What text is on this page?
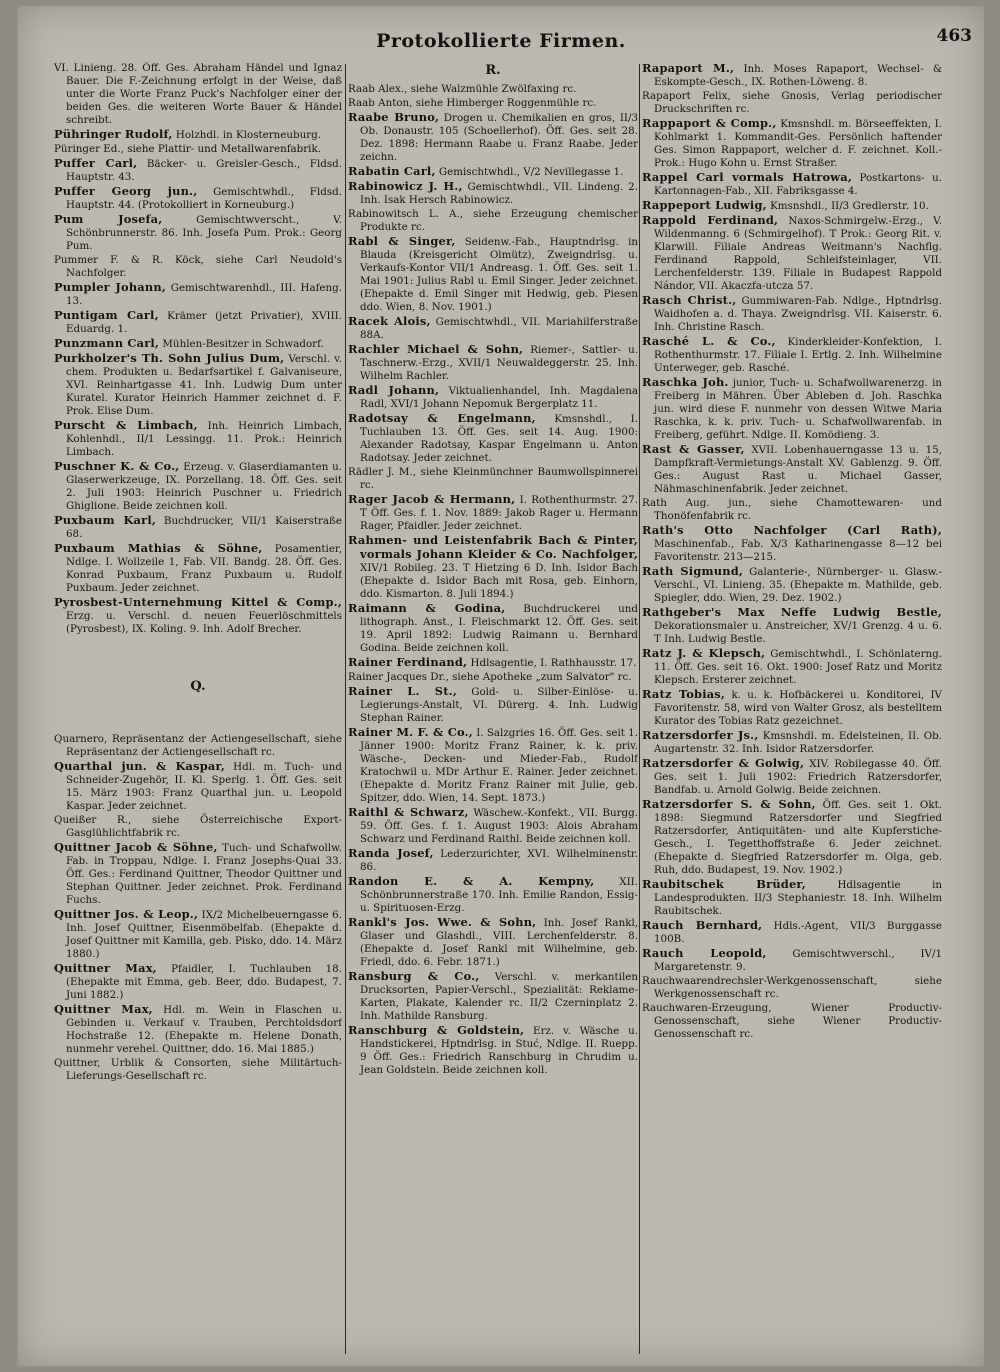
Protokollierte Firmen.	463
VI. Linieng. 28. Öff. Ges. Abraham Händel und Ignaz Bauer. Die F.-Zeichnung erfolgt in der Weise, daß unter die Worte Franz Puck's Nachfolger einer der beiden Ges. die weiteren Worte Bauer & Händel schreibt.
Pühringer Rudolf, Holzhdl. in Klosterneuburg.
Püringer Ed., siehe Plattir- und Metallwarenfabrik.
Puffer Carl, Bäcker- u. Greisler-Gesch., Fldsd. Hauptstr. 43.
Puffer Georg jun., Gemischtwhdl., Fldsd. Hauptstr. 44. (Protokolliert in Korneuburg.)
Pum Josefa,	Gemischtwverscht., V. Schönbrunnerstr. 86. Inh. Josefa Pum. Prok.: Georg Pum.
Pummer F. & R. Köck, siehe Carl Neudold's Nachfolger.
Pumpler Johann, Gemischtwarenhdl., III. Hafeng. 13.
Puntigam Carl, Krämer (jetzt Privatier), XVIII. Eduardg. 1.
Punzmann Carl, Mühlen-Besitzer in Schwadorf.
Purkholzer's Th. Sohn Julius Dum, Verschl. v. chem. Produkten u. Bedarfsartikel f. Galvaniseure, XVI. Reinhartgasse 41. Inh. Ludwig Dum unter Kuratel. Kurator Heinrich Hammer zeichnet d. F. Prok. Elise Dum.
Purscht & Limbach, Inh. Heinrich Limbach, Kohlenhdl., II/1 Lessingg. 11. Prok.: Heinrich Limbach.
Puschner K. & Co., Erzeug. v. Glaserdiamanten u. Glaserwerkzeuge, IX. Porzellang. 18. Öff. Ges. seit 2. Juli 1903: Heinrich Puschner u. Friedrich Ghiglione. Beide zeichnen koll.
Puxbaum Karl, Buchdrucker, VII/1 Kaiserstraße 68.
Puxbaum Mathias & Söhne, Posamentier, Ndlge. I. Wollzeile 1, Fab. VII. Bandg. 28. Öff. Ges. Konrad Puxbaum, Franz Puxbaum u. Rudolf Puxbaum. Jeder zeichnet.
Pyrosbest-Unternehmung Kittel & Comp., Erzg. u. Verschl. d. neuen Feuerlöschmittels (Pyrosbest), IX. Koling. 9. Inh. Adolf Brecher.
Q.
Quarnero, Repräsentanz der Actiengesellschaft, siehe Repräsentanz der Actiengesellschaft rc.
Quarthal jun. & Kaspar, Hdl. m. Tuch- und Schneider-Zugehör, II. Kl. Sperlg. 1. Öff. Ges. seit 15. März 1903: Franz Quarthal jun. u. Leopold Kaspar. Jeder zeichnet.
Queißer R., siehe Österreichische Export-Gasglühlichtfabrik rc.
Quittner Jacob & Söhne, Tuch- und Schafwollw. Fab. in Troppau, Ndlge. I. Franz Josephs-Quai 33. Öff. Ges.: Ferdinand Quittner, Theodor Quittner und Stephan Quittner. Jeder zeichnet. Prok. Ferdinand Fuchs.
Quittner Jos. & Leop., IX/2 Michelbeuerngasse 6. Inh. Josef Quittner, Eisenmöbelfab. (Ehepakte d. Josef Quittner mit Kamilla, geb. Pisko, ddo. 14. März 1880.)
Quittner Max, Pfaidler, I. Tuchlauben 18. (Ehepakte mit Emma, geb. Beer, ddo. Budapest, 7. Juni 1882.)
Quittner Max, Hdl. m. Wein in Flaschen u. Gebinden u. Verkauf v. Trauben, Perchtoldsdorf Hochstraße 12. (Ehepakte m. Helene Donath, nunmehr verehel. Quittner, ddo. 16. Mai 1885.)
Quittner, Urblik & Consorten, siehe Militärtuch-Lieferungs-Gesellschaft rc.
R.
Raab Alex., siehe Walzmühle Zwölfaxing rc.
Raab Anton, siehe Himberger Roggenmühle rc.
Raabe Bruno, Drogen u. Chemikalien en gros, II/3 Ob. Donaustr. 105 (Schoellerhof). Öff. Ges. seit 28. Dez. 1898: Hermann Raabe u. Franz Raabe. Jeder zeichn.
Rabatin Carl, Gemischtwhdl., V/2 Nevillegasse 1.
Rabinowicz J. H., Gemischtwhdl., VII. Lindeng. 2. Inh. Isak Hersch Rabinowicz.
Rabinowitsch L. A., siehe Erzeugung chemischer Produkte rc.
Rabl & Singer, Seidenw.-Fab., Hauptndrlsg. in Blauda (Kreisgericht Olmütz), Zweigndrlsg. u. Verkaufs-Kontor VII/1 Andreasg. 1. Öff. Ges. seit 1. Mai 1901: Julius Rabl u. Emil Singer. Jeder zeichnet. (Ehepakte d. Emil Singer mit Hedwig, geb. Piesen ddo. Wien, 8. Nov. 1901.)
Racek Alois, Gemischtwhdl., VII. Mariahilferstraße 88A.
Rachler Michael & Sohn, Riemer-, Sattler- u. Taschnerw.-Erzg., XVII/1 Neuwaldeggerstr. 25. Inh. Wilhelm Rachler.
Radl Johann, Viktualienhandel, Inh. Magdalena Radl, XVI/1 Johann Nepomuk Bergerplatz 11.
Radotsay & Engelmann, Kmsnshdl., I. Tuchlauben 13. Öff. Ges. seit 14. Aug. 1900: Alexander Radotsay, Kaspar Engelmann u. Anton Radotsay. Jeder zeichnet.
Rädler J. M., siehe Kleinmünchner Baumwollspinnerei rc.
Rager Jacob & Hermann, I. Rothenthurmstr. 27. T Öff. Ges. f. 1. Nov. 1889: Jakob Rager u. Hermann Rager, Pfaidler. Jeder zeichnet.
Rahmen- und Leistenfabrik Bach & Pinter, vormals Johann Kleider & Co. Nachfolger, XIV/1 Robileg. 23. T Hietzing 6 D. Inh. Isidor Bach (Ehepakte d. Isidor Bach mit Rosa, geb. Einhorn, ddo. Kismarton. 8. Juli 1894.)
Raimann & Godina, Buchdruckerei und lithograph. Anst., I. Fleischmarkt 12. Öff. Ges. seit 19. April 1892: Ludwig Raimann u. Bernhard Godina. Beide zeichnen koll.
Rainer Ferdinand, Hdlsagentie, I. Rathhausstr. 17.
Rainer Jacques Dr., siehe Apotheke „zum Salvator" rc.
Rainer L. St., Gold- u. Silber-Einlöse- u. Legierungs-Anstalt, VI. Dürerg. 4. Inh. Ludwig Stephan Rainer.
Rainer M. F. & Co., I. Salzgries 16. Öff. Ges. seit 1. Jänner 1900: Moritz Franz Rainer, k. k. priv. Wäsche-, Decken- und Mieder-Fab., Rudolf Kratochwil u. MDr Arthur E. Rainer. Jeder zeichnet. (Ehepakte d. Moritz Franz Rainer mit Julie, geb. Spitzer, ddo. Wien, 14. Sept. 1873.)
Raithl & Schwarz, Wäschew.-Konfekt., VII. Burgg. 59. Öff. Ges. f. 1. August 1903: Alois Abraham Schwarz und Ferdinand Raithl. Beide zeichnen koll.
Randa Josef, Lederzurichter, XVI. Wilhelminenstr. 86.
Randon E. & A. Kempny, XII. Schönbrunnerstraße 170. Inh. Emilie Randon, Essig- u. Spirituosen-Erzg.
Rankl's Jos. Wwe. & Sohn, Inh. Josef Rankl, Glaser und Glashdl., VIII. Lerchenfelderstr. 8. (Ehepakte d. Josef Rankl mit Wilhelmine, geb. Friedl, ddo. 6. Febr. 1871.)
Ransburg & Co., Verschl. v. merkantilen Drucksorten, Papier-Verschl., Spezialität: Reklame-Karten, Plakate, Kalender rc. II/2 Czerninplatz 2. Inh. Mathilde Ransburg.
Ranschburg & Goldstein, Erz. v. Wäsche u. Handstickerei, Hptndrlsg. in Stuć, Ndlge. II. Ruepp. 9 Öff. Ges.: Friedrich Ranschburg in Chrudim u. Jean Goldstein. Beide zeichnen koll.
Rapaport M., Inh. Moses Rapaport, Wechsel- & Eskompte-Gesch., IX. Rothen-Löweng. 8.
Rapaport Felix, siehe Gnosis, Verlag periodischer Druckschriften rc.
Rappaport & Comp., Kmsnshdl. m. Börseeffekten, I. Kohlmarkt 1. Kommandit-Ges. Persönlich haftender Ges. Simon Rappaport, welcher d. F. zeichnet. Koll.-Prok.: Hugo Kohn u. Ernst Straßer.
Rappel Carl vormals Hatrowa, Postkartons- u. Kartonnagen-Fab., XII. Fabriksgasse 4.
Rappeport Ludwig, Kmsnshdl., II/3 Gredlerstr. 10.
Rappold Ferdinand, Naxos-Schmirgelw.-Erzg., V. Wildenmanng. 6 (Schmirgelhof). T Prok.: Georg Rit. v. Klarwill. Filiale Andreas Weitmann's Nachflg. Ferdinand Rappold, Schleifsteinlager, VII. Lerchenfelderstr. 139. Filiale in Budapest Rappold Nándor, VII. Akaczfa-utcza 57.
Rasch Christ., Gummiwaren-Fab. Ndlge., Hptndrlsg. Waidhofen a. d. Thaya. Zweigndrlsg. VII. Kaiserstr. 6. Inh. Christine Rasch.
Rasché L. & Co., Kinderkleider-Konfektion, I. Rothenthurmstr. 17. Filiale I. Ertlg. 2. Inh. Wilhelmine Unterweger, geb. Rasché.
Raschka Joh. junior, Tuch- u. Schafwollwarenerzg. in Freiberg in Mähren. Über Ableben d. Joh. Raschka jun. wird diese F. nunmehr von dessen Witwe Maria Raschka, k. k. priv. Tuch- u. Schafwollwarenfab. in Freiberg, geführt. Ndlge. II. Komödieng. 3.
Rast & Gasser, XVII. Lobenhauerngasse 13 u. 15, Dampfkraft-Vermietungs-Anstalt XV. Gablenzg. 9. Öff. Ges.: August Rast u. Michael Gasser, Nähmaschinenfabrik. Jeder zeichnet.
Rath Aug. jun., siehe Chamottewaren- und Thonöfenfabrik rc.
Rath's Otto Nachfolger (Carl Rath), Maschinenfab., Fab. X/3 Katharinengasse 8—12 bei Favoritenstr. 213—215.
Rath Sigmund, Galanterie-, Nürnberger- u. Glasw.-Verschl., VI. Linieng. 35. (Ehepakte m. Mathilde, geb. Spiegler, ddo. Wien, 29. Dez. 1902.)
Rathgeber's Max Neffe Ludwig Bestle, Dekorationsmaler u. Anstreicher, XV/1 Grenzg. 4 u. 6. T Inh. Ludwig Bestle.
Ratz J. & Klepsch, Gemischtwhdl., I. Schönlaterng. 11. Öff. Ges. seit 16. Okt. 1900: Josef Ratz und Moritz Klepsch. Ersterer zeichnet.
Ratz Tobias, k. u. k. Hofbäckerei u. Konditorei, IV Favoritenstr. 58, wird von Walter Grosz, als bestelltem Kurator des Tobias Ratz gezeichnet.
Ratzersdorfer Js., Kmsnshdl. m. Edelsteinen, II. Ob. Augartenstr. 32. Inh. Isidor Ratzersdorfer.
Ratzersdorfer & Golwig, XIV. Robilegasse 40. Öff. Ges. seit 1. Juli 1902: Friedrich Ratzersdorfer, Bandfab. u. Arnold Golwig. Beide zeichnen.
Ratzersdorfer S. & Sohn, Öff. Ges. seit 1. Okt. 1898: Siegmund Ratzersdorfer und Siegfried Ratzersdorfer, Antiquitäten- und alte Kupferstiche-Gesch., I. Tegetthoffstraße 6. Jeder zeichnet. (Ehepakte d. Siegfried Ratzersdorfer m. Olga, geb. Ruh, ddo. Budapest, 19. Nov. 1902.)
Raubitschek Brüder,	Hdlsagentie in Landesprodukten. II/3 Stephaniestr. 18. Inh. Wilhelm Raubitschek.
Rauch Bernhard, Hdls.-Agent, VII/3 Burggasse 100B.
Rauch Leopold,	Gemischtwverschl., IV/1 Margaretenstr. 9.
Rauchwaarendrechsler-Werkgenossenschaft, siehe Werkgenossenschaft rc.
Rauchwaren-Erzeugung, Wiener Productiv-Genossenschaft, siehe Wiener Productiv-Genossenschaft rc.
